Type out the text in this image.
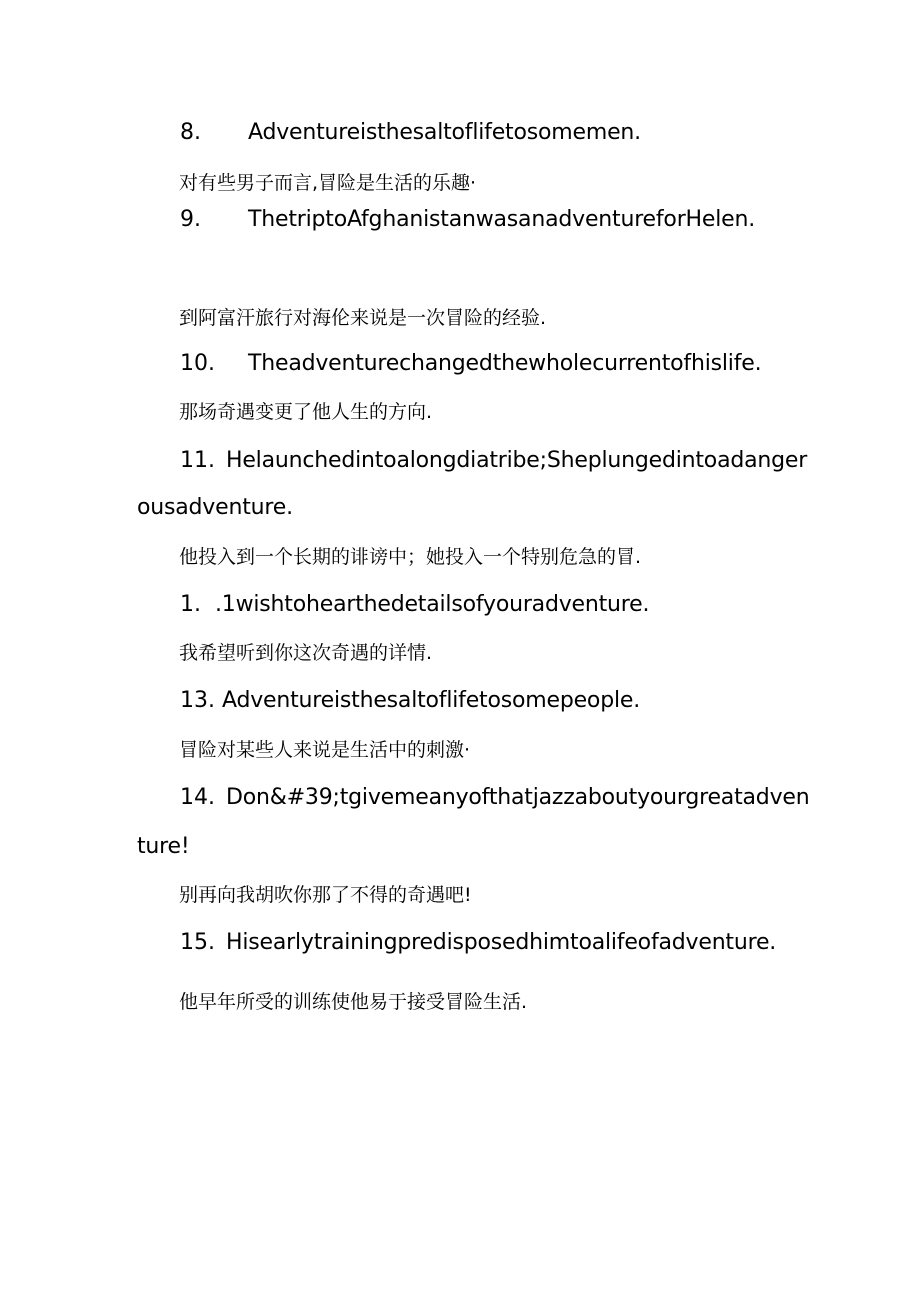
8. Adventureisthesaltoflifetosomemen.
对有些男子而言,冒险是生活的乐趣·
9. ThetriptoAfghanistanwasanadventureforHelen.
到阿富汗旅行对海伦来说是一次冒险的经验.
10. Theadventurechangedthewholecurrentofhislife.
那场奇遇变更了他人生的方向.
11. Helaunchedintoalongdiatribe;Sheplungedintoadanger
ousadventure.
他投入到一个长期的诽谤中；她投入一个特别危急的冒.
1. .1wishtohearthedetailsofyouradventure.
我希望听到你这次奇遇的详情.
13. Adventureisthesaltoflifetosomepeople.
冒险对某些人来说是生活中的刺激·
14. Don&#39;tgivemeanyofthatjazzaboutyourgreatadven
ture!
别再向我胡吹你那了不得的奇遇吧!
15. Hisearlytrainingpredisposedhimtoalifeofadventure.
他早年所受的训练使他易于接受冒险生活.
